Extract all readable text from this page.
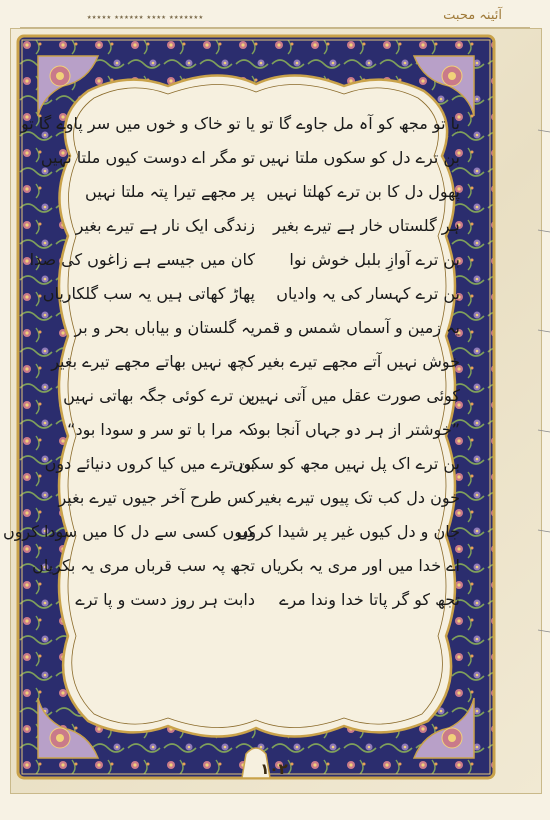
٭٭٭٭٭٭٭ ٭٭٭٭ ٭٭٭٭٭٭ ٭٭٭٭٭	آئینہ محبت
یا تو مجھ کو آہ مل جاوے گا تو
یا تو خاک و خوں میں سر پاوے گا تو
بن ترے دل کو سکوں ملتا نہیں
تو مگر اے دوست کیوں ملتا نہیں
پھول دل کا بن ترے کھلتا نہیں
پر مجھے تیرا پتہ ملتا نہیں
ہر گلستاں خار ہے تیرے بغیر
زندگی ایک نار ہے تیرے بغیر
بن ترے آوازِ بلبل خوش نوا
کان میں جیسے ہے زاغوں کی صدا
بن ترے کہسار کی یہ وادیاں
پھاڑ کھاتی ہیں یہ سب گلکاریاں
یہ زمین و آسماں شمس و قمر
یہ گلستان و بیاباں بحر و بر
خوش نہیں آتے مجھے تیرے بغیر
کچھ نہیں بھاتے مجھے تیرے بغیر
کوئی صورت عقل میں آتی نہیں
بن ترے کوئی جگہ بھاتی نہیں
”خوشتر از ہر دو جہاں آنجا بود
کہ مرا با تو سر و سودا بود“
بن ترے اک پل نہیں مجھ کو سکوں
بن ترے میں کیا کروں دنیائے دوں
خون دل کب تک پیوں تیرے بغیر
کس طرح آخر جیوں تیرے بغیر
جان و دل کیوں غیر پر شیدا کروں
کیوں کسی سے دل کا میں سودا کروں
اے خدا میں اور مری یہ بکریاں
تجھ پہ سب قرباں مری یہ بکریاں
تجھ کو گر پاتا خدا وندا مرے
دابت ہر روز دست و پا ترے
۱۰۲
